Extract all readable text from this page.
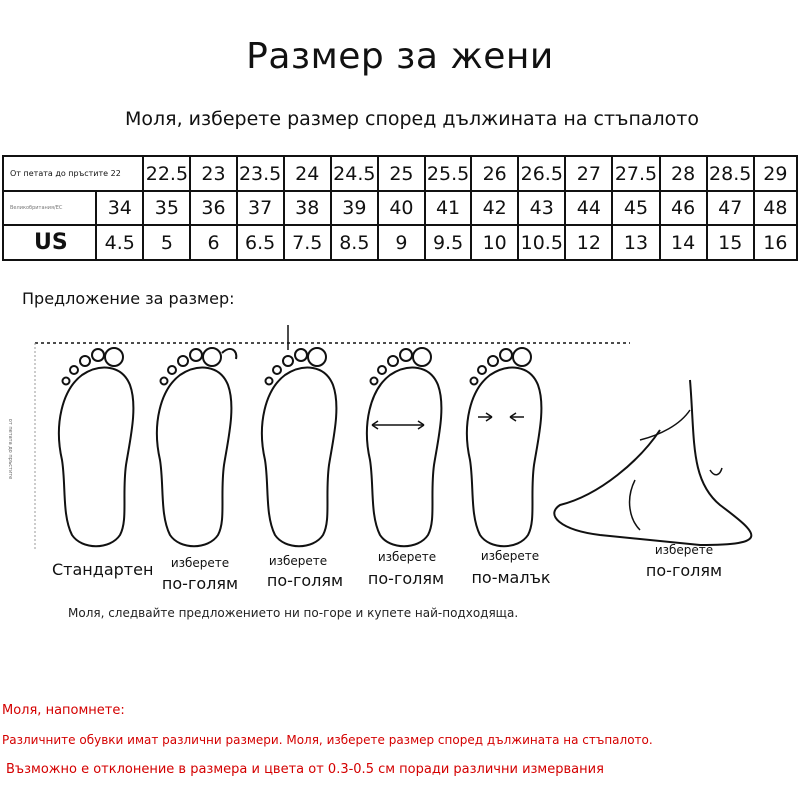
Размер за жени
Моля, изберете размер според дължината на стъпалото
От петата до пръстите 22		22.5	23	23.5	24	24.5	25	25.5	26	26.5	27	27.5	28	28.5	29
Великобритания/ЕС	34	35	36	37	38	39	40	41	42	43	44	45	46	47	48
US	4.5	5	6	6.5	7.5	8.5	9	9.5	10	10.5	12	13	14	15	16
Предложение за размер:
от петата до пръстите
Стандартен	изберете
по-голям
изберете
по-голям
изберете
по-голям
изберете
по-малък
изберете
по-голям
Моля, следвайте предложението ни по-горе и купете най-подходяща.
Моля, напомнете:
Различните обувки имат различни размери. Моля, изберете размер според дължината на стъпалото.
Възможно е отклонение в размера и цвета от 0.3-0.5 см поради различни измервания
